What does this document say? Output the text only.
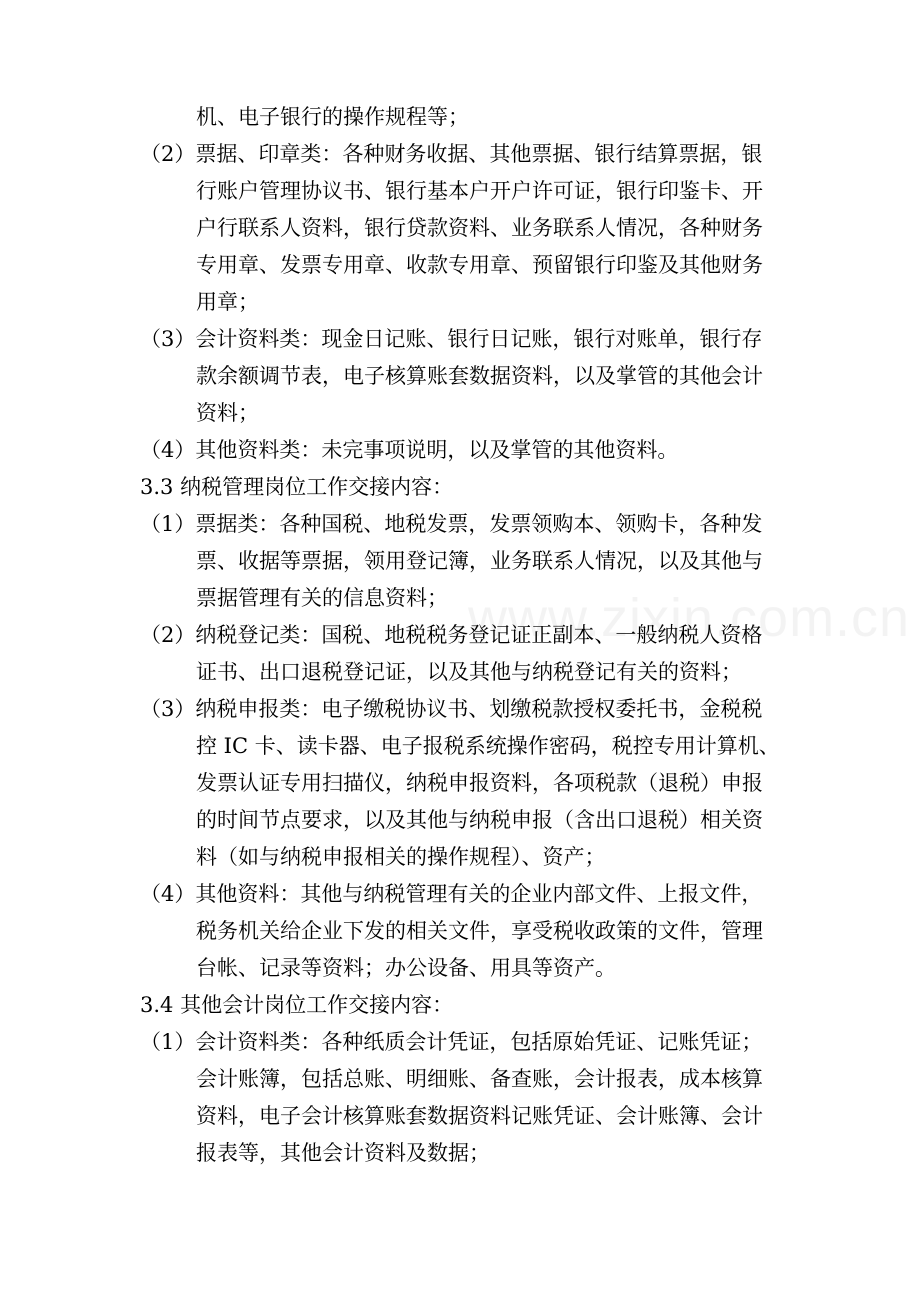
机、电子银行的操作规程等；
（2）票据、印章类：各种财务收据、其他票据、银行结算票据，银
行账户管理协议书、银行基本户开户许可证，银行印鉴卡、开
户行联系人资料，银行贷款资料、业务联系人情况，各种财务
专用章、发票专用章、收款专用章、预留银行印鉴及其他财务
用章；
（3）会计资料类：现金日记账、银行日记账，银行对账单，银行存
款余额调节表，电子核算账套数据资料，以及掌管的其他会计
资料；
（4）其他资料类：未完事项说明，以及掌管的其他资料。
3.3 纳税管理岗位工作交接内容：
（1）票据类：各种国税、地税发票，发票领购本、领购卡，各种发
票、收据等票据，领用登记簿，业务联系人情况，以及其他与
票据管理有关的信息资料；
（2）纳税登记类：国税、地税税务登记证正副本、一般纳税人资格
证书、出口退税登记证，以及其他与纳税登记有关的资料；
（3）纳税申报类：电子缴税协议书、划缴税款授权委托书，金税税
控 IC 卡、读卡器、电子报税系统操作密码，税控专用计算机、
发票认证专用扫描仪，纳税申报资料，各项税款（退税）申报
的时间节点要求，以及其他与纳税申报（含出口退税）相关资
料（如与纳税申报相关的操作规程）、资产；
（4）其他资料：其他与纳税管理有关的企业内部文件、上报文件，
税务机关给企业下发的相关文件，享受税收政策的文件，管理
台帐、记录等资料；办公设备、用具等资产。
3.4 其他会计岗位工作交接内容：
（1）会计资料类：各种纸质会计凭证，包括原始凭证、记账凭证；
会计账簿，包括总账、明细账、备查账，会计报表，成本核算
资料，电子会计核算账套数据资料记账凭证、会计账簿、会计
报表等，其他会计资料及数据；
